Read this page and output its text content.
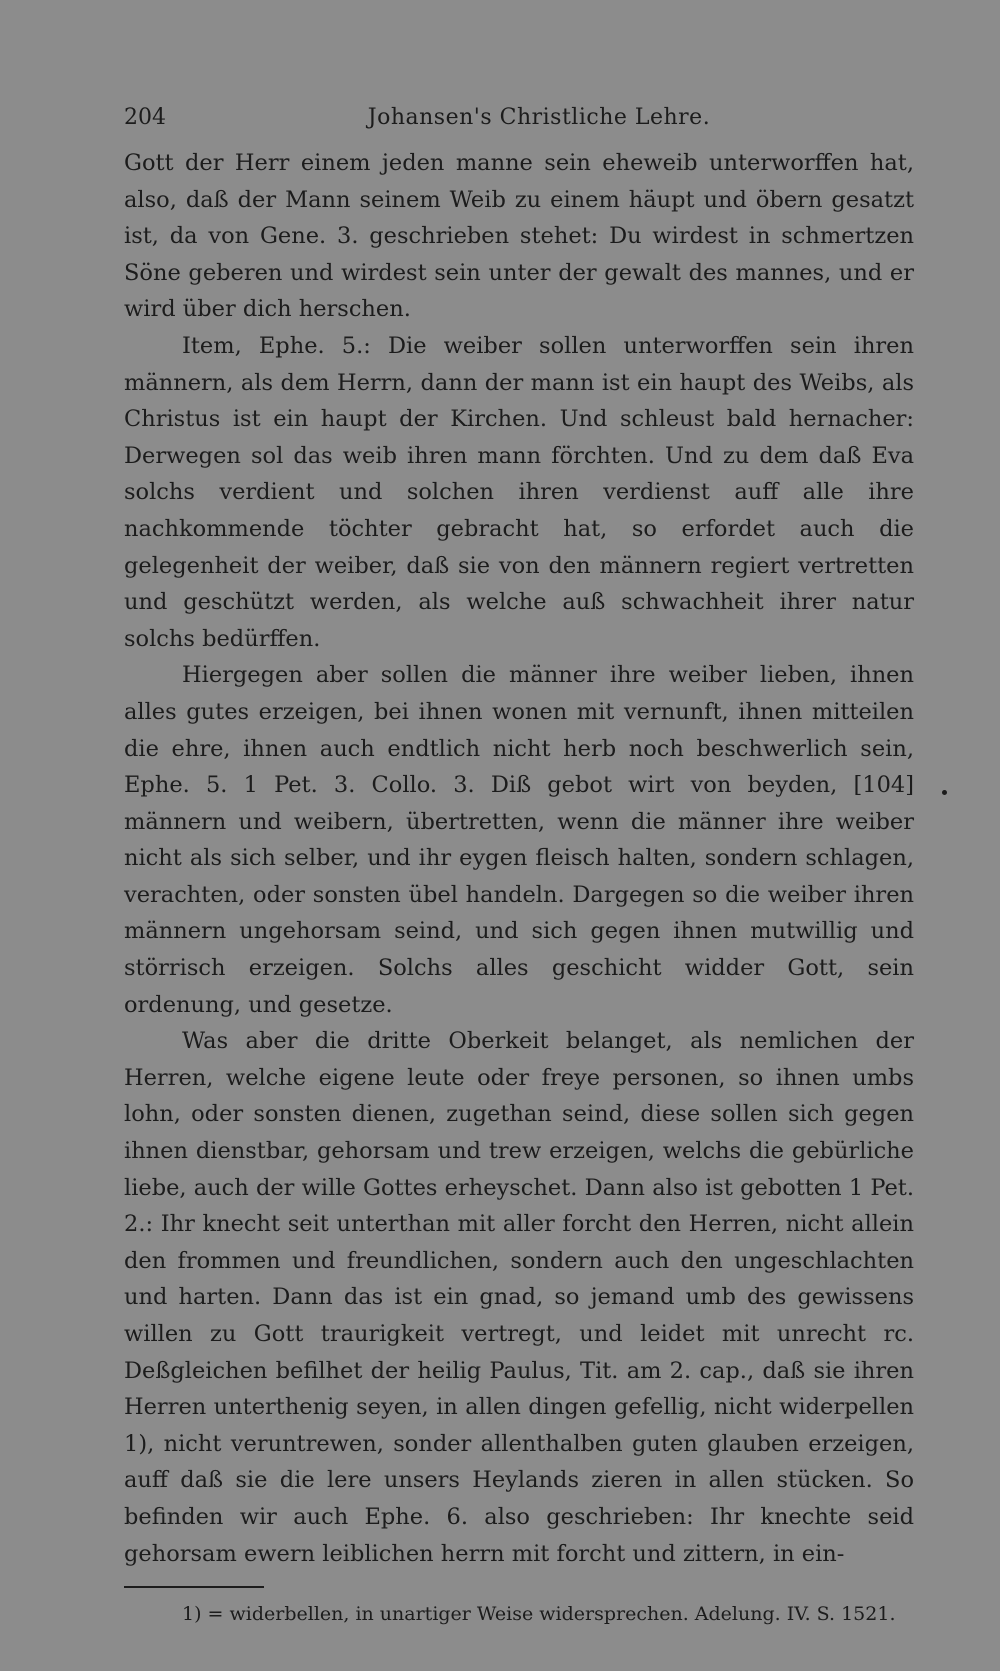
204	Johansen's Christliche Lehre.

Gott der Herr einem jeden manne sein eheweib unterworffen hat, also, daß der Mann seinem Weib zu einem häupt und öbern gesatzt ist, da von Gene. 3. geschrieben stehet: Du wirdest in schmertzen Söne geberen und wirdest sein unter der gewalt des mannes, und er wird über dich herschen.

Item, Ephe. 5.: Die weiber sollen unterworffen sein ihren männern, als dem Herrn, dann der mann ist ein haupt des Weibs, als Christus ist ein haupt der Kirchen. Und schleust bald hernacher: Derwegen sol das weib ihren mann förchten. Und zu dem daß Eva solchs verdient und solchen ihren verdienst auff alle ihre nachkommende töchter gebracht hat, so erfordet auch die gelegenheit der weiber, daß sie von den männern regiert vertretten und geschützt werden, als welche auß schwachheit ihrer natur solchs bedürffen.

Hiergegen aber sollen die männer ihre weiber lieben, ihnen alles gutes erzeigen, bei ihnen wonen mit vernunft, ihnen mitteilen die ehre, ihnen auch endtlich nicht herb noch beschwerlich sein, Ephe. 5. 1 Pet. 3. Collo. 3. Diß gebot wirt von beyden, [104] männern und weibern, übertretten, wenn die männer ihre weiber nicht als sich selber, und ihr eygen fleisch halten, sondern schlagen, verachten, oder sonsten übel handeln. Dargegen so die weiber ihren männern ungehorsam seind, und sich gegen ihnen mutwillig und störrisch erzeigen. Solchs alles geschicht widder Gott, sein ordenung, und gesetze.

Was aber die dritte Oberkeit belanget, als nemlichen der Herren, welche eigene leute oder freye personen, so ihnen umbs lohn, oder sonsten dienen, zugethan seind, diese sollen sich gegen ihnen dienstbar, gehorsam und trew erzeigen, welchs die gebürliche liebe, auch der wille Gottes erheyschet. Dann also ist gebotten 1 Pet. 2.: Ihr knecht seit unterthan mit aller forcht den Herren, nicht allein den frommen und freundlichen, sondern auch den ungeschlachten und harten. Dann das ist ein gnad, so jemand umb des gewissens willen zu Gott traurigkeit vertregt, und leidet mit unrecht rc. Deßgleichen befilhet der heilig Paulus, Tit. am 2. cap., daß sie ihren Herren unterthenig seyen, in allen dingen gefellig, nicht widerpellen 1), nicht veruntrewen, sonder allenthalben guten glauben erzeigen, auff daß sie die lere unsers Heylands zieren in allen stücken. So befinden wir auch Ephe. 6. also geschrieben: Ihr knechte seid gehorsam ewern leiblichen herrn mit forcht und zittern, in ein-

1) = widerbellen, in unartiger Weise widersprechen. Adelung. IV. S. 1521.
